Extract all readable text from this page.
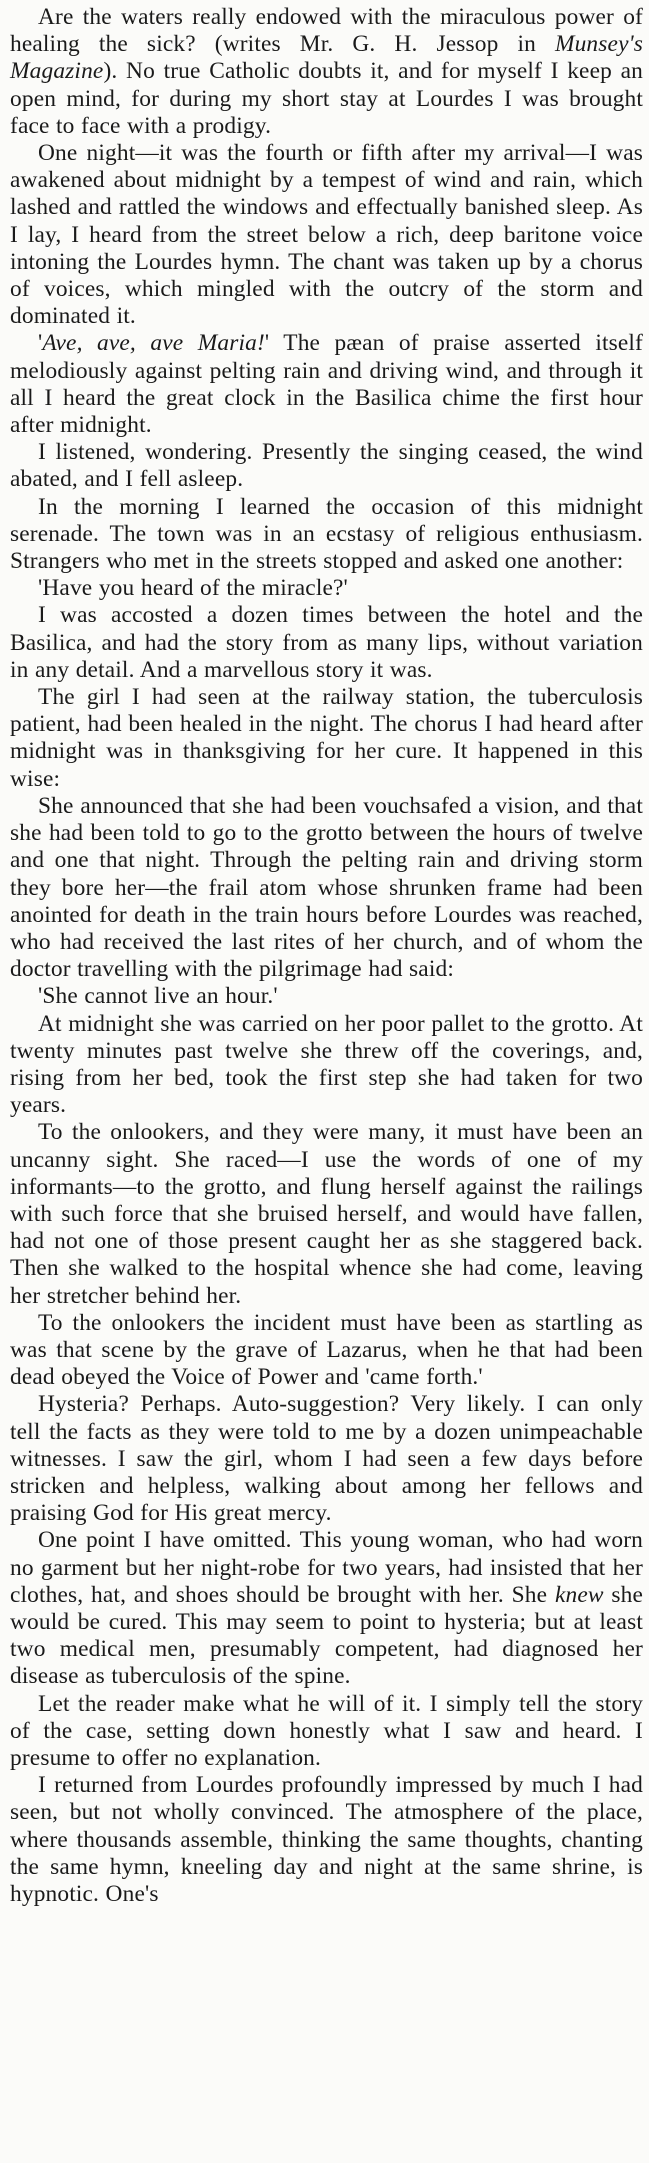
Are the waters really endowed with the miraculous power of healing the sick? (writes Mr. G. H. Jessop in Munsey's Magazine). No true Catholic doubts it, and for myself I keep an open mind, for during my short stay at Lourdes I was brought face to face with a prodigy.

One night—it was the fourth or fifth after my arrival—I was awakened about midnight by a tempest of wind and rain, which lashed and rattled the windows and effectually banished sleep. As I lay, I heard from the street below a rich, deep baritone voice intoning the Lourdes hymn. The chant was taken up by a chorus of voices, which mingled with the outcry of the storm and dominated it.

'Ave, ave, ave Maria!' The pæan of praise asserted itself melodiously against pelting rain and driving wind, and through it all I heard the great clock in the Basilica chime the first hour after midnight.

I listened, wondering. Presently the singing ceased, the wind abated, and I fell asleep.

In the morning I learned the occasion of this midnight serenade. The town was in an ecstasy of religious enthusiasm. Strangers who met in the streets stopped and asked one another:

'Have you heard of the miracle?'

I was accosted a dozen times between the hotel and the Basilica, and had the story from as many lips, without variation in any detail. And a marvellous story it was.

The girl I had seen at the railway station, the tuberculosis patient, had been healed in the night. The chorus I had heard after midnight was in thanksgiving for her cure. It happened in this wise:

She announced that she had been vouchsafed a vision, and that she had been told to go to the grotto between the hours of twelve and one that night. Through the pelting rain and driving storm they bore her—the frail atom whose shrunken frame had been anointed for death in the train hours before Lourdes was reached, who had received the last rites of her church, and of whom the doctor travelling with the pilgrimage had said:

'She cannot live an hour.'

At midnight she was carried on her poor pallet to the grotto. At twenty minutes past twelve she threw off the coverings, and, rising from her bed, took the first step she had taken for two years.

To the onlookers, and they were many, it must have been an uncanny sight. She raced—I use the words of one of my informants—to the grotto, and flung herself against the railings with such force that she bruised herself, and would have fallen, had not one of those present caught her as she staggered back. Then she walked to the hospital whence she had come, leaving her stretcher behind her.

To the onlookers the incident must have been as startling as was that scene by the grave of Lazarus, when he that had been dead obeyed the Voice of Power and 'came forth.'

Hysteria? Perhaps. Auto-suggestion? Very likely. I can only tell the facts as they were told to me by a dozen unimpeachable witnesses. I saw the girl, whom I had seen a few days before stricken and helpless, walking about among her fellows and praising God for His great mercy.

One point I have omitted. This young woman, who had worn no garment but her night-robe for two years, had insisted that her clothes, hat, and shoes should be brought with her. She knew she would be cured. This may seem to point to hysteria; but at least two medical men, presumably competent, had diagnosed her disease as tuberculosis of the spine.

Let the reader make what he will of it. I simply tell the story of the case, setting down honestly what I saw and heard. I presume to offer no explanation.

I returned from Lourdes profoundly impressed by much I had seen, but not wholly convinced. The atmosphere of the place, where thousands assemble, thinking the same thoughts, chanting the same hymn, kneeling day and night at the same shrine, is hypnotic. One's
